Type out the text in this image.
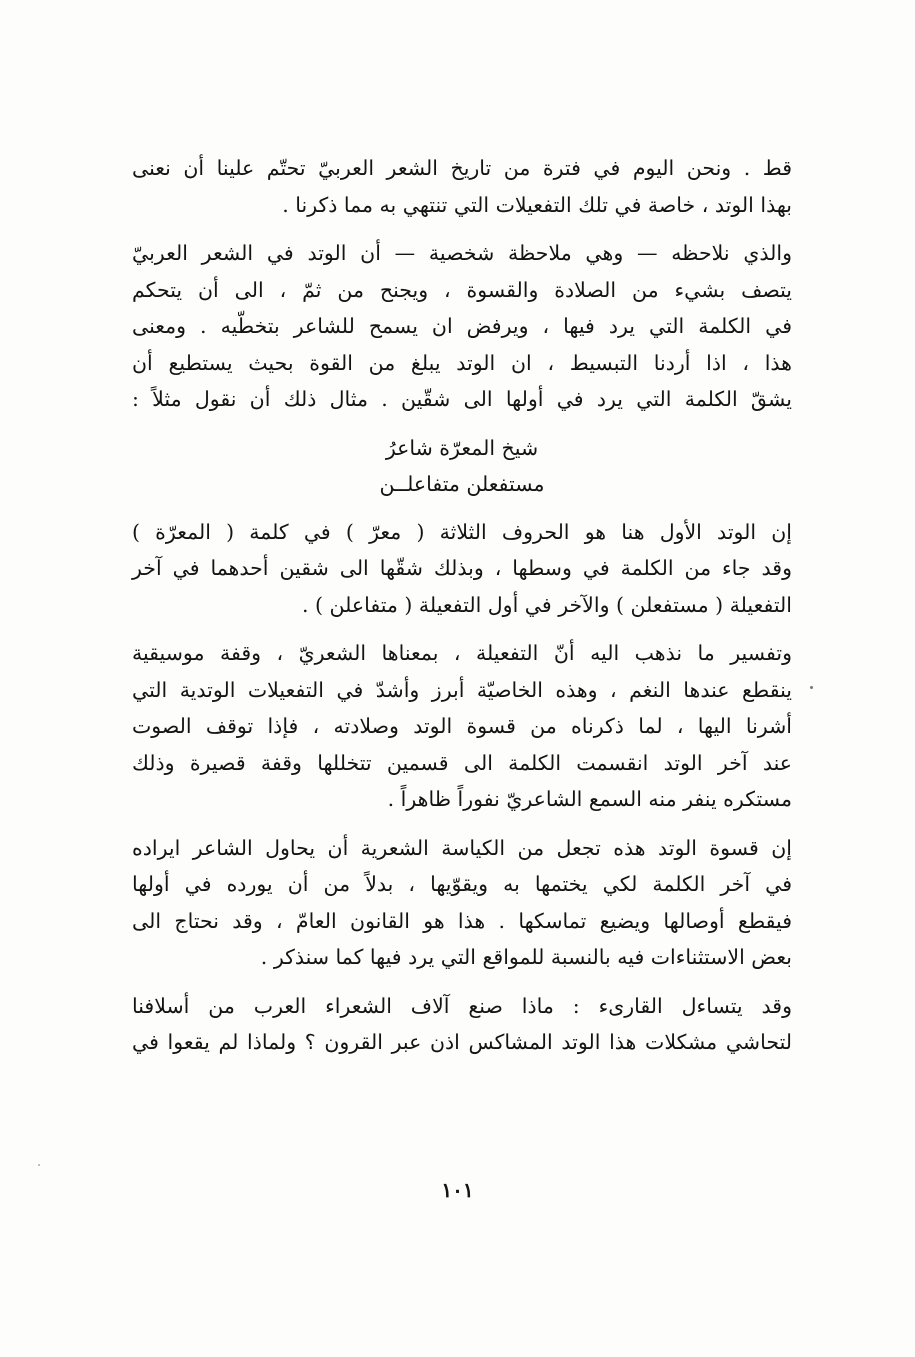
قط . ونحن اليوم في فترة من تاريخ الشعر العربيّ تحتّم علينا أن نعنى
بهذا الوتد ، خاصة في تلك التفعيلات التي تنتهي به مما ذكرنا .

والذي نلاحظه — وهي ملاحظة شخصية — أن الوتد في الشعر العربيّ
يتصف بشيء من الصلادة والقسوة ، ويجنح من ثمّ ، الى أن يتحكم
في الكلمة التي يرد فيها ، ويرفض ان يسمح للشاعر بتخطّيه . ومعنى
هذا ، اذا أردنا التبسيط ، ان الوتد يبلغ من القوة بحيث يستطيع أن
يشقّ الكلمة التي يرد في أولها الى شقّين . مثال ذلك أن نقول مثلاً :

شيخ المعرّة شاعرُ
مستفعلن متفاعلــن

إن الوتد الأول هنا هو الحروف الثلاثة ( معرّ ) في كلمة ( المعرّة )
وقد جاء من الكلمة في وسطها ، وبذلك شقّها الى شقين أحدهما في آخر
التفعيلة ( مستفعلن ) والآخر في أول التفعيلة ( متفاعلن ) .

وتفسير ما نذهب اليه أنّ التفعيلة ، بمعناها الشعريّ ، وقفة موسيقية
ينقطع عندها النغم ، وهذه الخاصيّة أبرز وأشدّ في التفعيلات الوتدية التي
أشرنا اليها ، لما ذكرناه من قسوة الوتد وصلادته ، فإذا توقف الصوت
عند آخر الوتد انقسمت الكلمة الى قسمين تتخللها وقفة قصيرة وذلك
مستكره ينفر منه السمع الشاعريّ نفوراً ظاهراً .

إن قسوة الوتد هذه تجعل من الكياسة الشعرية أن يحاول الشاعر ايراده
في آخر الكلمة لكي يختمها به ويقوّيها ، بدلاً من أن يورده في أولها
فيقطع أوصالها ويضيع تماسكها . هذا هو القانون العامّ ، وقد نحتاج الى
بعض الاستثناءات فيه بالنسبة للمواقع التي يرد فيها كما سنذكر .

وقد يتساءل القارىء : ماذا صنع آلاف الشعراء العرب من أسلافنا
لتحاشي مشكلات هذا الوتد المشاكس اذن عبر القرون ؟ ولماذا لم يقعوا في

١٠١
